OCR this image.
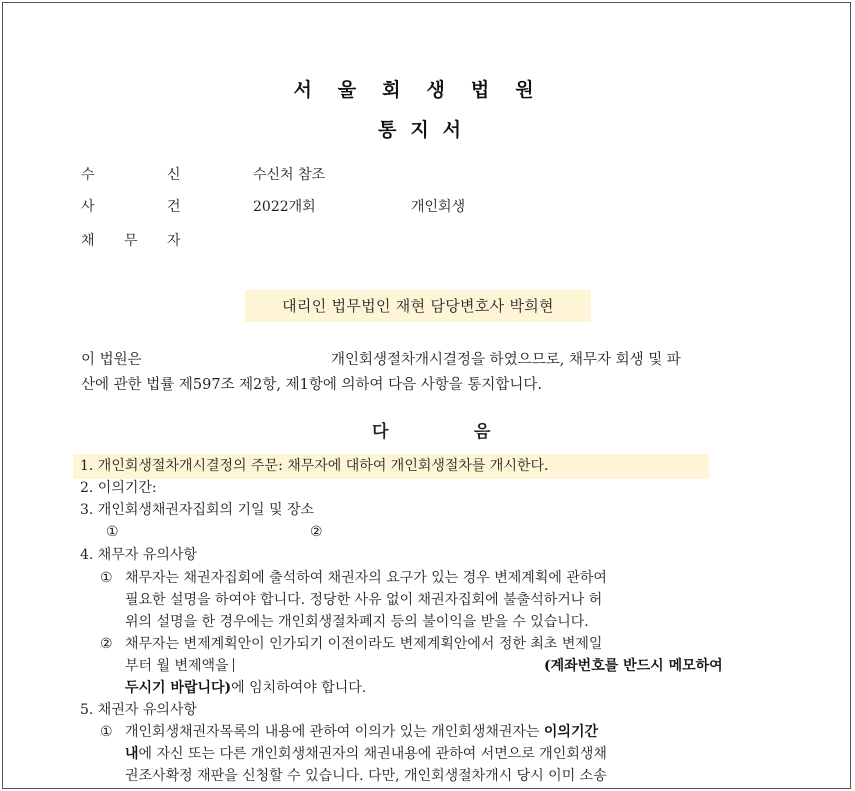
서울회생법원
통지서
수	신	수신처 참조
사	건	2022개회	개인회생
채 무 자
대리인 법무법인 재현 담당변호사 박희현
이 법원은	개인회생절차개시결정을 하였으므로, 채무자 회생 및 파
산에 관한 법률 제597조 제2항, 제1항에 의하여 다음 사항을 통지합니다.
다	음
1. 개인회생절차개시결정의 주문: 채무자에 대하여 개인회생절차를 개시한다.
2. 이의기간:
3. 개인회생채권자집회의 기일 및 장소
①	②
4. 채무자 유의사항
① 채무자는 채권자집회에 출석하여 채권자의 요구가 있는 경우 변제계획에 관하여
필요한 설명을 하여야 합니다. 정당한 사유 없이 채권자집회에 불출석하거나 허
위의 설명을 한 경우에는 개인회생절차폐지 등의 불이익을 받을 수 있습니다.
② 채무자는 변제계획안이 인가되기 이전이라도 변제계획안에서 정한 최초 변제일
부터 월 변제액을	(계좌번호를 반드시 메모하여
두시기 바랍니다)에 임치하여야 합니다.
5. 채권자 유의사항
① 개인회생채권자목록의 내용에 관하여 이의가 있는 개인회생채권자는 이의기간
내에 자신 또는 다른 개인회생채권자의 채권내용에 관하여 서면으로 개인회생채
권조사확정 재판을 신청할 수 있습니다. 다만, 개인회생절차개시 당시 이미 소송
